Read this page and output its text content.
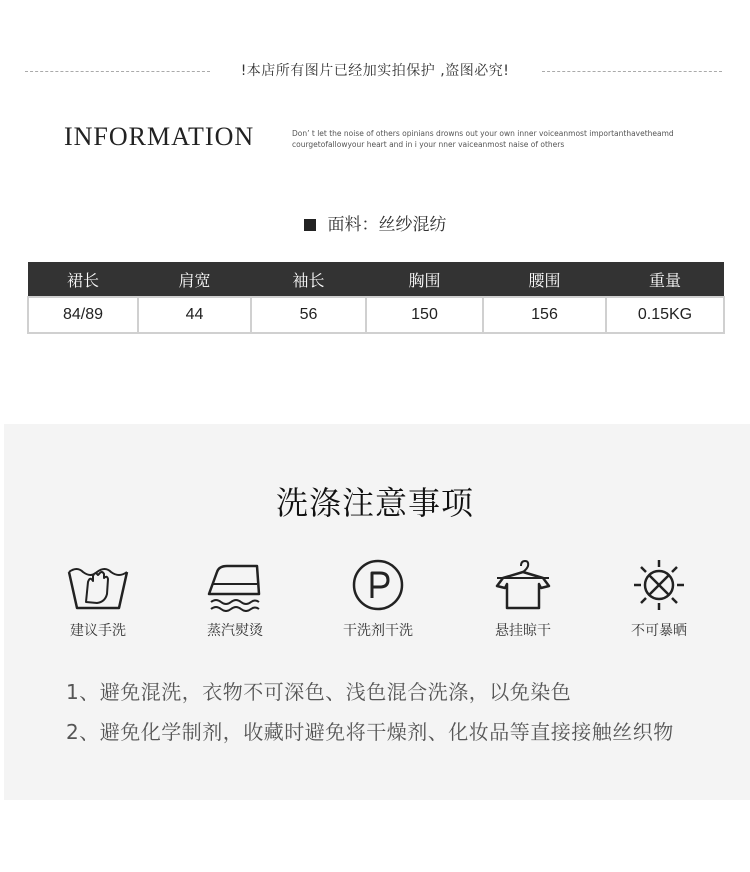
!本店所有图片已经加实拍保护 ,盗图必究!
INFORMATION	Don’ t let the noise of others opinians drowns out your own inner voiceanmost importanthavetheamd
courgetofallowyour heart and in i your nner vaiceanmost naise of others
面料：丝纱混纺
裙长	肩宽	袖长	胸围	腰围	重量
84/89	44	56	150	156	0.15KG
洗涤注意事项
建议手洗	蒸汽熨烫	干洗剂干洗	悬挂晾干	不可暴晒
1、避免混洗，衣物不可深色、浅色混合洗涤，以免染色
2、避免化学制剂，收藏时避免将干燥剂、化妆品等直接接触丝织物
